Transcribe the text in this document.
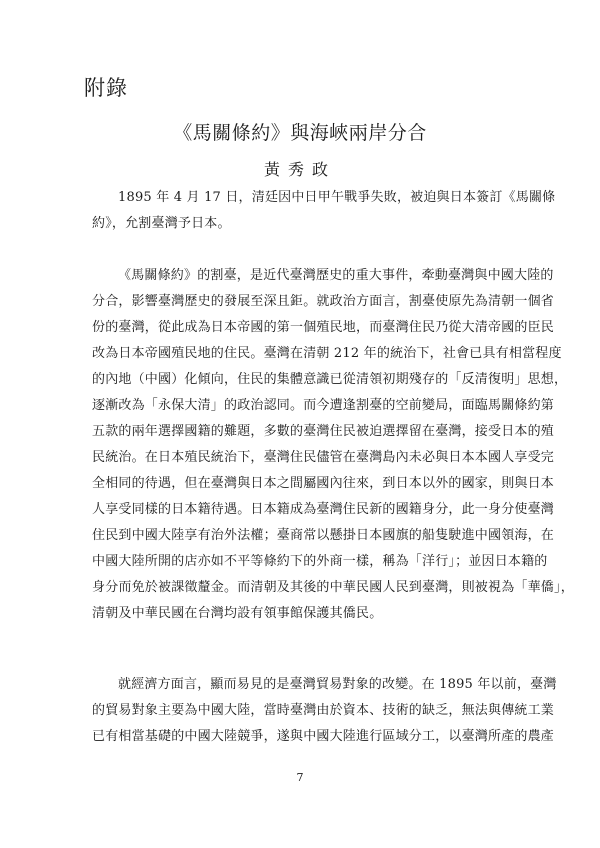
附錄
《馬關條約》與海峽兩岸分合
黃秀政
1895 年 4 月 17 日，清廷因中日甲午戰爭失敗，被迫與日本簽訂《馬關條
約》，允割臺灣予日本。
《馬關條約》的割臺，是近代臺灣歷史的重大事件，牽動臺灣與中國大陸的
分合，影響臺灣歷史的發展至深且鉅。就政治方面言，割臺使原先為清朝一個省
份的臺灣，從此成為日本帝國的第一個殖民地，而臺灣住民乃從大清帝國的臣民
改為日本帝國殖民地的住民。臺灣在清朝 212 年的統治下，社會已具有相當程度
的內地（中國）化傾向，住民的集體意識已從清領初期殘存的「反清復明」思想，
逐漸改為「永保大清」的政治認同。而今遭逢割臺的空前變局，面臨馬關條約第
五款的兩年選擇國籍的難題，多數的臺灣住民被迫選擇留在臺灣，接受日本的殖
民統治。在日本殖民統治下，臺灣住民儘管在臺灣島內未必與日本本國人享受完
全相同的待遇，但在臺灣與日本之間屬國內往來，到日本以外的國家，則與日本
人享受同樣的日本籍待遇。日本籍成為臺灣住民新的國籍身分，此一身分使臺灣
住民到中國大陸享有治外法權；臺商常以懸掛日本國旗的船隻駛進中國領海，在
中國大陸所開的店亦如不平等條約下的外商一樣，稱為「洋行」；並因日本籍的
身分而免於被課徵釐金。而清朝及其後的中華民國人民到臺灣，則被視為「華僑」，
清朝及中華民國在台灣均設有領事館保護其僑民。
就經濟方面言，顯而易見的是臺灣貿易對象的改變。在 1895 年以前，臺灣
的貿易對象主要為中國大陸，當時臺灣由於資本、技術的缺乏，無法與傳統工業
已有相當基礎的中國大陸競爭，遂與中國大陸進行區域分工，以臺灣所產的農產
7
